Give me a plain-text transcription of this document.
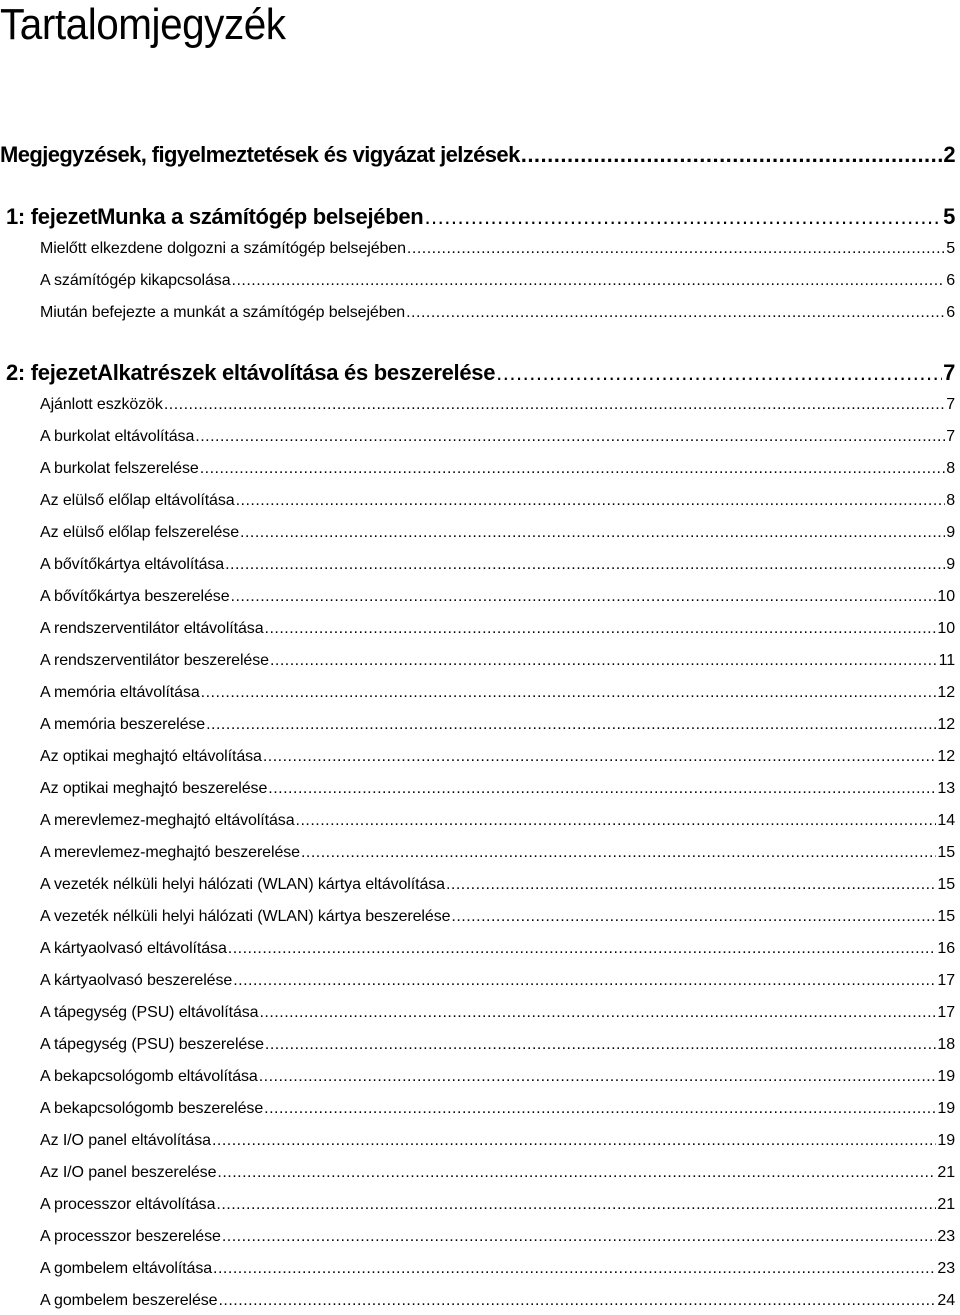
Tartalomjegyzék
Megjegyzések, figyelmeztetések és vigyázat jelzések .....	2
1: fejezetMunka a számítógép belsejében .....	5
Mielőtt elkezdene dolgozni a számítógép belsejében .....	5
A számítógép kikapcsolása .....	6
Miután befejezte a munkát a számítógép belsejében .....	6
2: fejezetAlkatrészek eltávolítása és beszerelése .....	7
Ajánlott eszközök .....	7
A burkolat eltávolítása .....	7
A burkolat felszerelése .....	8
Az elülső előlap eltávolítása .....	8
Az elülső előlap felszerelése .....	9
A bővítőkártya eltávolítása .....	9
A bővítőkártya beszerelése .....	10
A rendszerventilátor eltávolítása .....	10
A rendszerventilátor beszerelése .....	11
A memória eltávolítása .....	12
A memória beszerelése .....	12
Az optikai meghajtó eltávolítása .....	12
Az optikai meghajtó beszerelése .....	13
A merevlemez-meghajtó eltávolítása .....	14
A merevlemez-meghajtó beszerelése .....	15
A vezeték nélküli helyi hálózati (WLAN) kártya eltávolítása .....	15
A vezeték nélküli helyi hálózati (WLAN) kártya beszerelése .....	15
A kártyaolvasó eltávolítása .....	16
A kártyaolvasó beszerelése .....	17
A tápegység (PSU) eltávolítása .....	17
A tápegység (PSU) beszerelése .....	18
A bekapcsológomb eltávolítása .....	19
A bekapcsológomb beszerelése .....	19
Az I/O panel eltávolítása .....	19
Az I/O panel beszerelése .....	21
A processzor eltávolítása .....	21
A processzor beszerelése .....	23
A gombelem eltávolítása .....	23
A gombelem beszerelése .....	24
